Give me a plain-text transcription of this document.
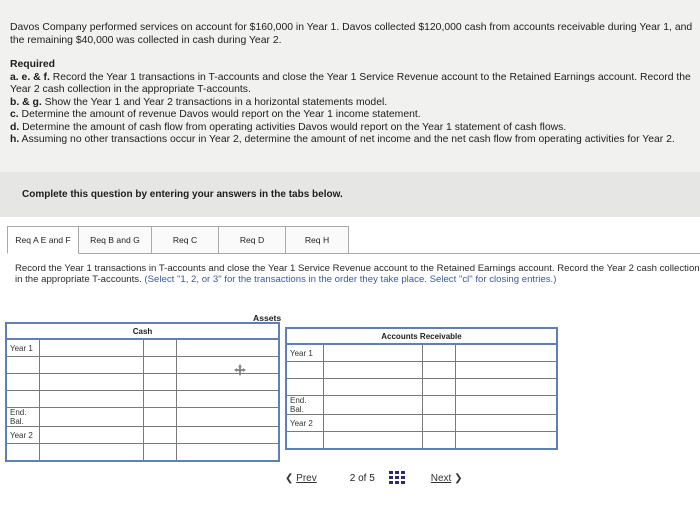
Davos Company performed services on account for $160,000 in Year 1. Davos collected $120,000 cash from accounts receivable during Year 1, and the remaining $40,000 was collected in cash during Year 2.

Required

a. e. & f. Record the Year 1 transactions in T-accounts and close the Year 1 Service Revenue account to the Retained Earnings account. Record the Year 2 cash collection in the appropriate T-accounts.

b. & g. Show the Year 1 and Year 2 transactions in a horizontal statements model.

c. Determine the amount of revenue Davos would report on the Year 1 income statement.

d. Determine the amount of cash flow from operating activities Davos would report on the Year 1 statement of cash flows.

h. Assuming no other transactions occur in Year 2, determine the amount of net income and the net cash flow from operating activities for Year 2.

Complete this question by entering your answers in the tabs below.
Req A E and F	Req B and G	Req C	Req D	Req H
Record the Year 1 transactions in T-accounts and close the Year 1 Service Revenue account to the Retained Earnings account. Record the Year 2 cash collection in the appropriate T-accounts. (Select "1, 2, or 3" for the transactions in the order they take place. Select "cl" for closing entries.)
Assets
Cash			
Year 1			

End. Bal.			
Year 2			

Accounts Receivable			
Year 1			

End. Bal.			
Year 2			

❮ Prev	2 of 5	Next ❯
